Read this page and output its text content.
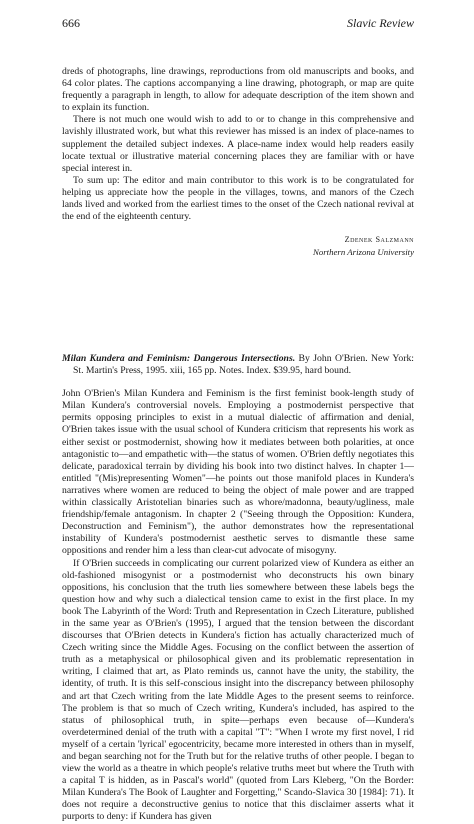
666	Slavic Review

dreds of photographs, line drawings, reproductions from old manuscripts and books, and 64 color plates. The captions accompanying a line drawing, photograph, or map are quite frequently a paragraph in length, to allow for adequate description of the item shown and to explain its function.

There is not much one would wish to add to or to change in this comprehensive and lavishly illustrated work, but what this reviewer has missed is an index of place-names to supplement the detailed subject indexes. A place-name index would help readers easily locate textual or illustrative material concerning places they are familiar with or have special interest in.

To sum up: The editor and main contributor to this work is to be congratulated for helping us appreciate how the people in the villages, towns, and manors of the Czech lands lived and worked from the earliest times to the onset of the Czech national revival at the end of the eighteenth century.

Zdenek Salzmann
Northern Arizona University
Milan Kundera and Feminism: Dangerous Intersections. By John O'Brien. New York: St. Martin's Press, 1995. xiii, 165 pp. Notes. Index. $39.95, hard bound.

John O'Brien's Milan Kundera and Feminism is the first feminist book-length study of Milan Kundera's controversial novels. Employing a postmodernist perspective that permits opposing principles to exist in a mutual dialectic of affirmation and denial, O'Brien takes issue with the usual school of Kundera criticism that represents his work as either sexist or postmodernist, showing how it mediates between both polarities, at once antagonistic to—and empathetic with—the status of women. O'Brien deftly negotiates this delicate, paradoxical terrain by dividing his book into two distinct halves. In chapter 1—entitled "(Mis)representing Women"—he points out those manifold places in Kundera's narratives where women are reduced to being the object of male power and are trapped within classically Aristotelian binaries such as whore/madonna, beauty/ugliness, male friendship/female antagonism. In chapter 2 ("Seeing through the Opposition: Kundera, Deconstruction and Feminism"), the author demonstrates how the representational instability of Kundera's postmodernist aesthetic serves to dismantle these same oppositions and render him a less than clear-cut advocate of misogyny.

If O'Brien succeeds in complicating our current polarized view of Kundera as either an old-fashioned misogynist or a postmodernist who deconstructs his own binary oppositions, his conclusion that the truth lies somewhere between these labels begs the question how and why such a dialectical tension came to exist in the first place. In my book The Labyrinth of the Word: Truth and Representation in Czech Literature, published in the same year as O'Brien's (1995), I argued that the tension between the discordant discourses that O'Brien detects in Kundera's fiction has actually characterized much of Czech writing since the Middle Ages. Focusing on the conflict between the assertion of truth as a metaphysical or philosophical given and its problematic representation in writing, I claimed that art, as Plato reminds us, cannot have the unity, the stability, the identity, of truth. It is this self-conscious insight into the discrepancy between philosophy and art that Czech writing from the late Middle Ages to the present seems to reinforce. The problem is that so much of Czech writing, Kundera's included, has aspired to the status of philosophical truth, in spite—perhaps even because of—Kundera's overdetermined denial of the truth with a capital "T": "When I wrote my first novel, I rid myself of a certain 'lyrical' egocentricity, became more interested in others than in myself, and began searching not for the Truth but for the relative truths of other people. I began to view the world as a theatre in which people's relative truths meet but where the Truth with a capital T is hidden, as in Pascal's world" (quoted from Lars Kleberg, "On the Border: Milan Kundera's The Book of Laughter and Forgetting," Scando-Slavica 30 [1984]: 71). It does not require a deconstructive genius to notice that this disclaimer asserts what it purports to deny: if Kundera has given
